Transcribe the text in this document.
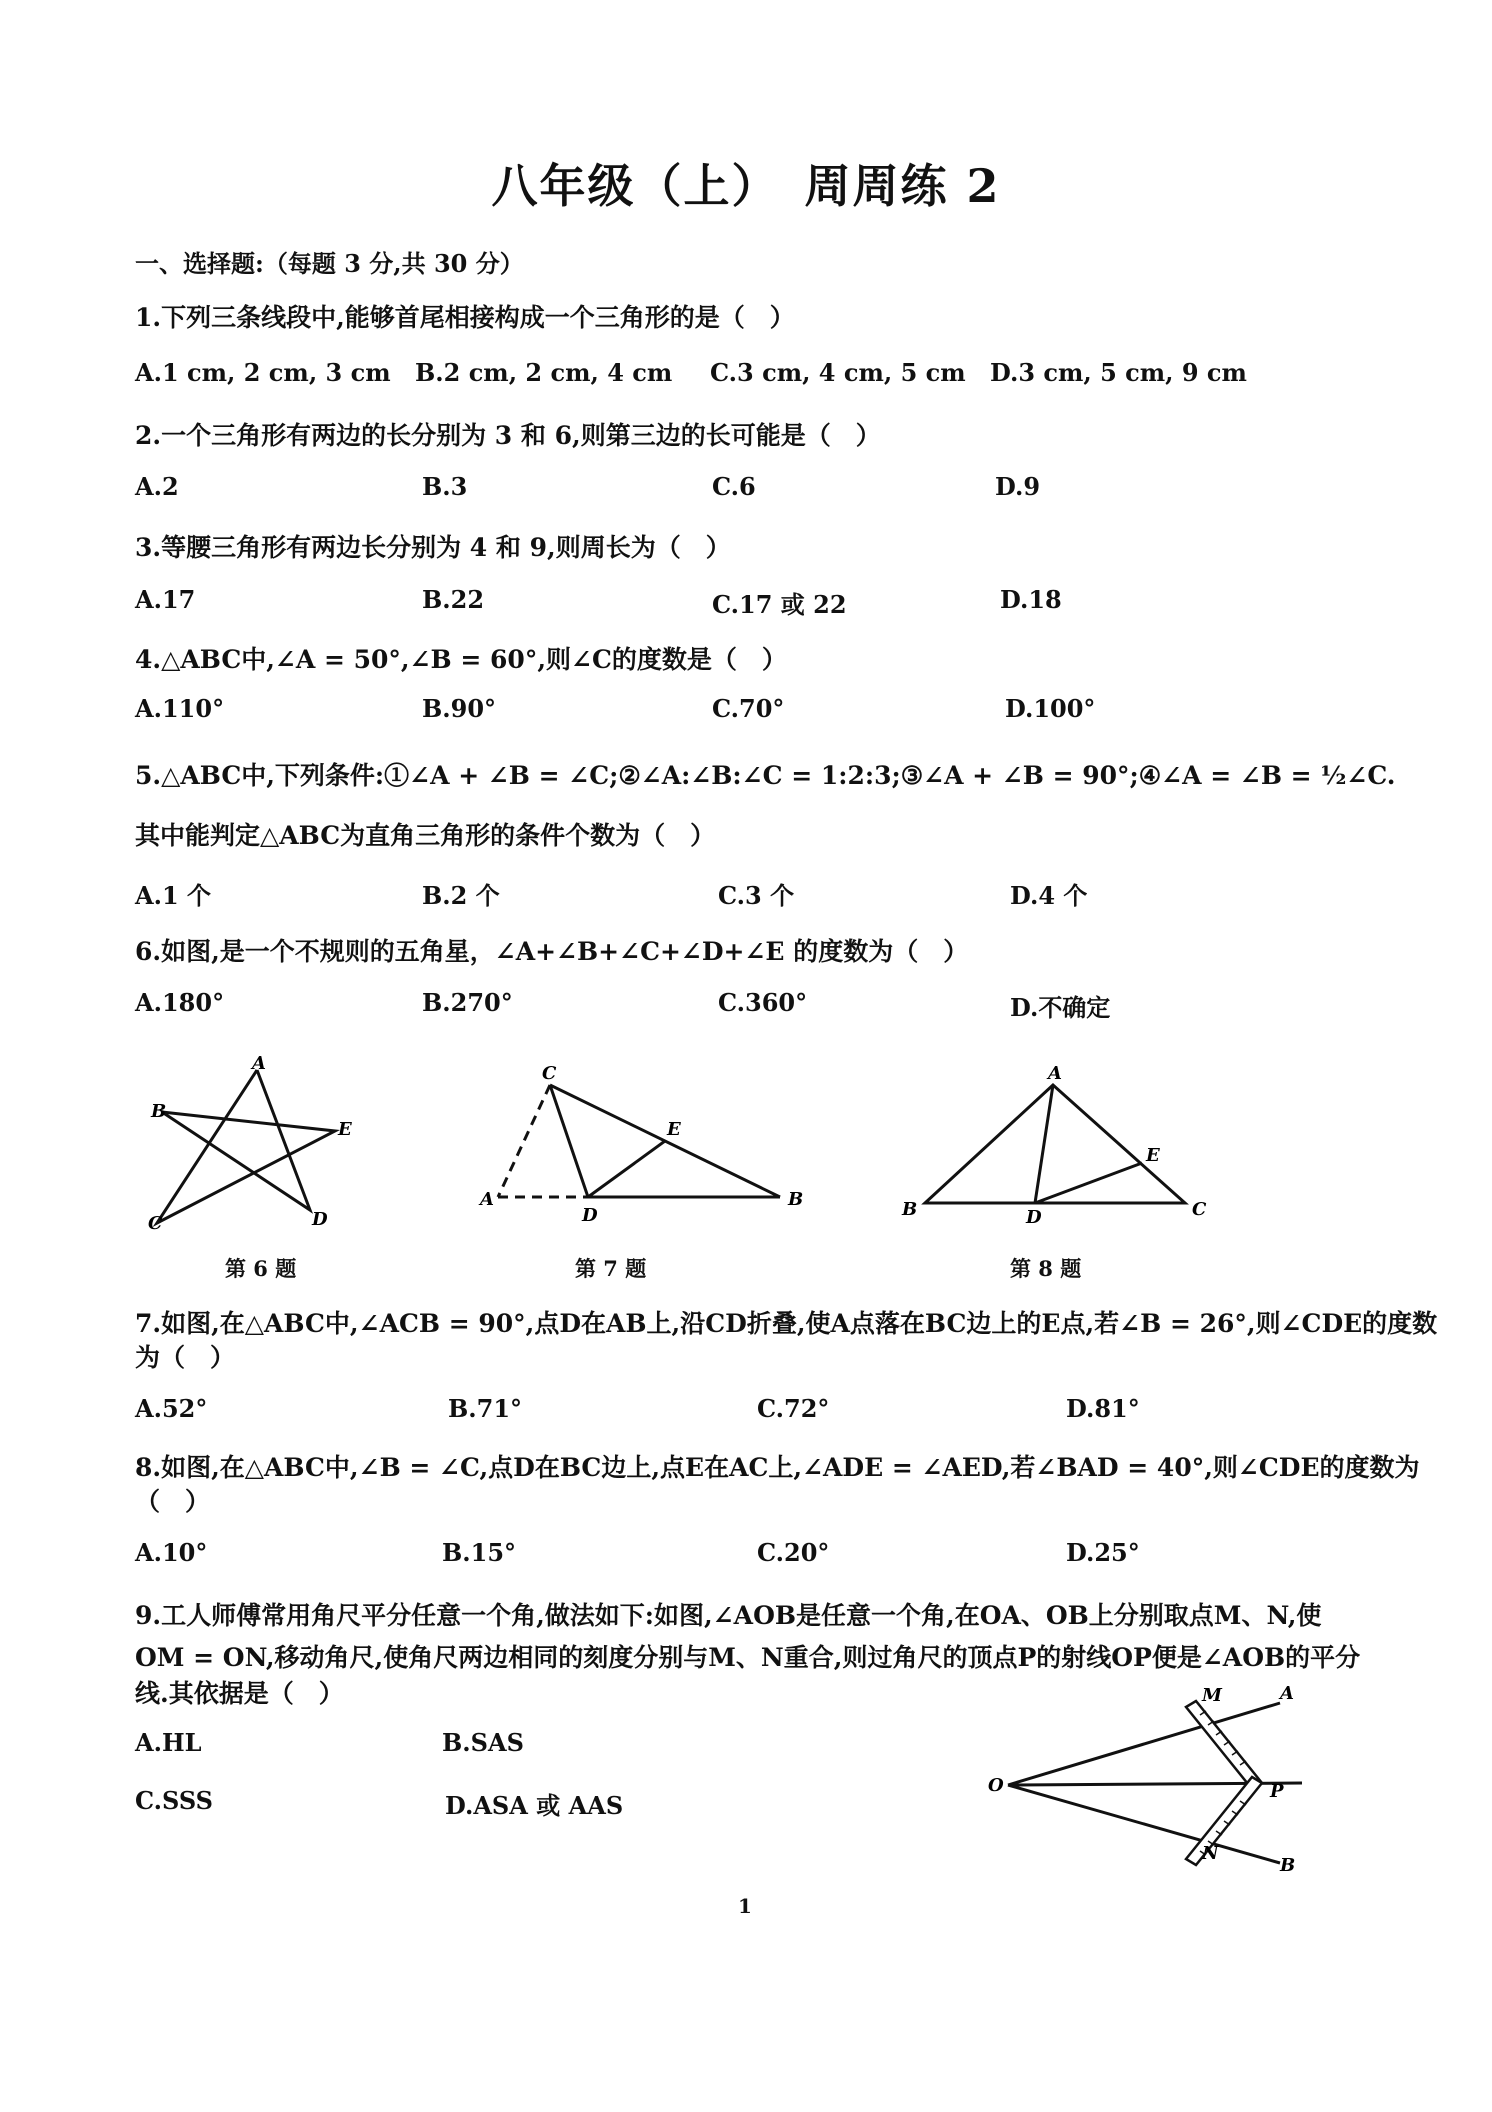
八年级（上）　周周练 2
一、选择题:（每题 3 分,共 30 分）
1.下列三条线段中,能够首尾相接构成一个三角形的是（　）
A.1 cm, 2 cm, 3 cm B.2 cm, 2 cm, 4 cm C.3 cm, 4 cm, 5 cm D.3 cm, 5 cm, 9 cm
2.一个三角形有两边的长分别为 3 和 6,则第三边的长可能是（　）
A.2	B.3	C.6	D.9
3.等腰三角形有两边长分别为 4 和 9,则周长为（　）
A.17	B.22	C.17 或 22	D.18
4.△ABC中,∠A = 50°,∠B = 60°,则∠C的度数是（　）
A.110°	B.90°	C.70°	D.100°
5.△ABC中,下列条件:①∠A + ∠B = ∠C;②∠A:∠B:∠C = 1:2:3;③∠A + ∠B = 90°;④∠A = ∠B = ½∠C.
其中能判定△ABC为直角三角形的条件个数为（　）
A.1 个	B.2 个	C.3 个	D.4 个
6.如图,是一个不规则的五角星，∠A+∠B+∠C+∠D+∠E 的度数为（　）
A.180°	B.270°	C.360°	D.不确定
A
B
C	D
E
第 6 题
C
E
A
D
B
第 7 题
A
E
B	D	C
第 8 题
7.如图,在△ABC中,∠ACB = 90°,点D在AB上,沿CD折叠,使A点落在BC边上的E点,若∠B = 26°,则∠CDE的度数
为（　）
A.52°	B.71°	C.72°	D.81°
8.如图,在△ABC中,∠B = ∠C,点D在BC边上,点E在AC上,∠ADE = ∠AED,若∠BAD = 40°,则∠CDE的度数为
（　）
A.10°	B.15°	C.20°	D.25°
9.工人师傅常用角尺平分任意一个角,做法如下:如图,∠AOB是任意一个角,在OA、OB上分别取点M、N,使
OM = ON,移动角尺,使角尺两边相同的刻度分别与M、N重合,则过角尺的顶点P的射线OP便是∠AOB的平分
线.其依据是（　）
A.HL	B.SAS
C.SSS	D.ASA 或 AAS
M	A
O	P
N
B
1
